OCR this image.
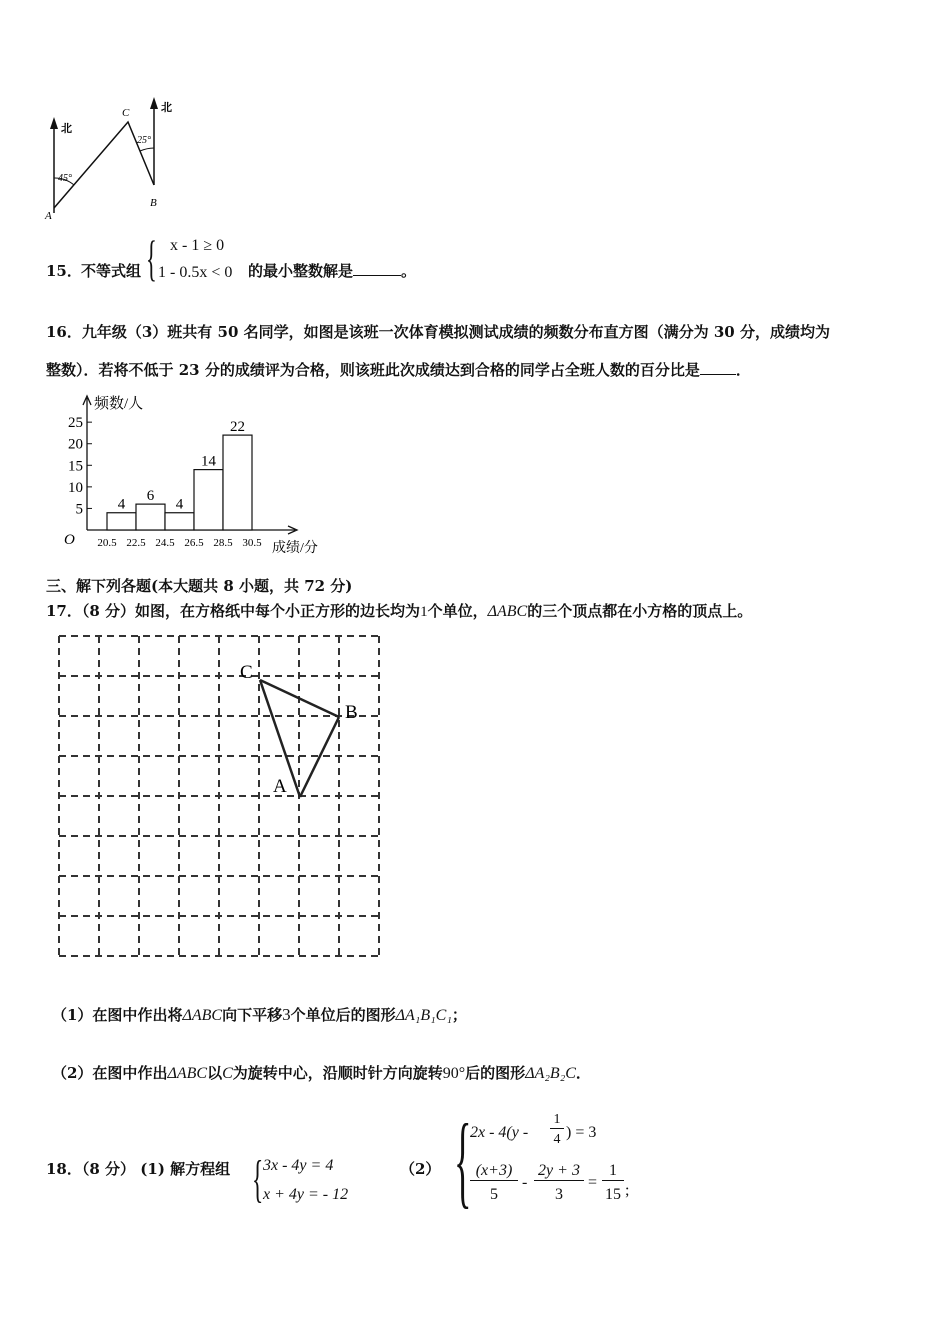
北
北
45°
25°
A
B
C
15． 不等式组 { x - 1 ≥ 0
1 - 0.5x < 0 的最小整数解是	。
16．九年级（3）班共有 50 名同学，如图是该班一次体育模拟测试成绩的频数分布直方图（满分为 30 分，成绩均为
整数）．若将不低于 23 分的成绩评为合格，则该班此次成绩达到合格的同学占全班人数的百分比是 ．
频数/人
成绩/分
O
5
10
15
20
25
4
6
4
14
22
20.5 22.5 24.5 26.5 28.5 30.5
三、解下列各题(本大题共 8 小题，共 72 分)
17．（8 分）如图，在方格纸中每个小正方形的边长均为1个单位，ΔABC的三个顶点都在小方格的顶点上。
C
B
A
（1）在图中作出将ΔABC向下平移3个单位后的图形ΔA₁B₁C₁；
（2）在图中作出ΔABC以C为旋转中心，沿顺时针方向旋转90°后的图形ΔA₂B₂C．
18．（8 分） (1) 解方程组 { 3x - 4y = 4
x + 4y = - 12
（2） {
2x - 4(y -
1
4 ) = 3
(x+3)
5
-
2y + 3
3
=
1
15 ;
